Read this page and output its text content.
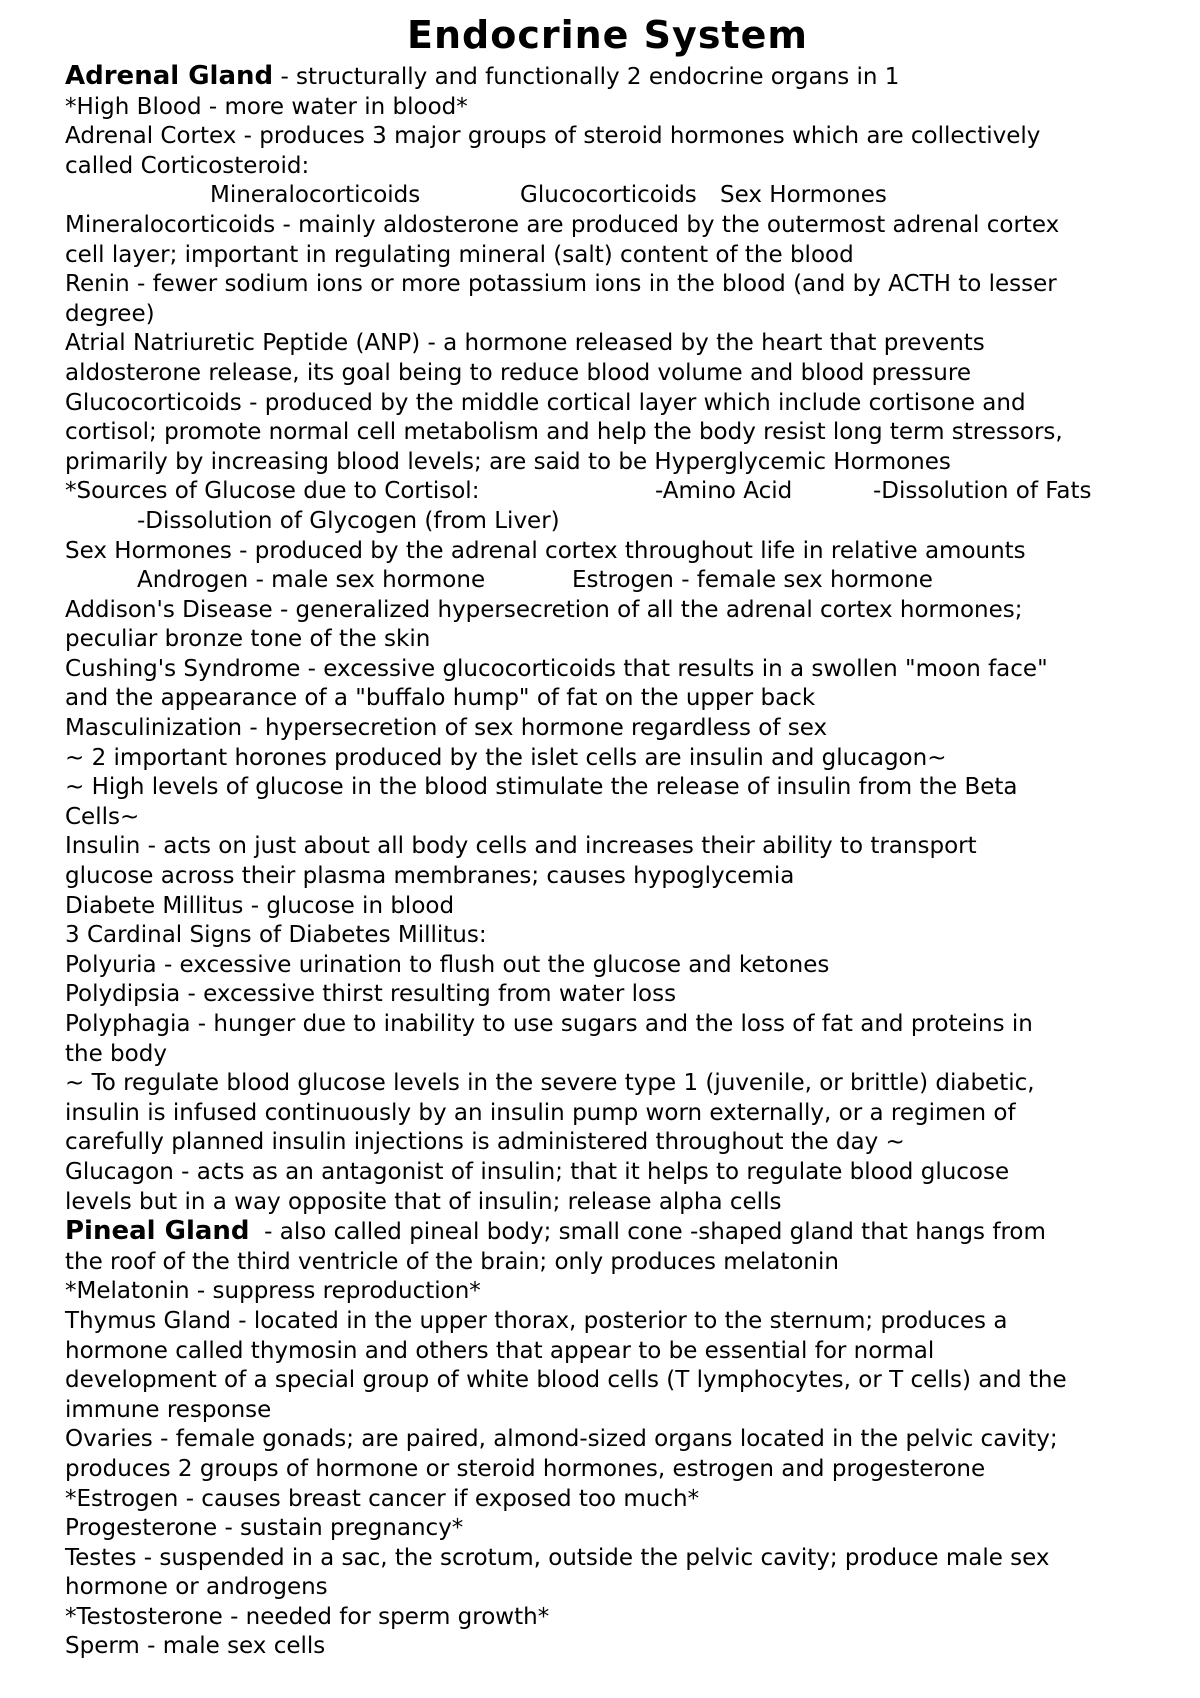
Endocrine System
Adrenal Gland - structurally and functionally 2 endocrine organs in 1
*High Blood - more water in blood*
Adrenal Cortex - produces 3 major groups of steroid hormones which are collectively
called Corticosteroid:
Mineralocorticoids	Glucocorticoids Sex Hormones
Mineralocorticoids - mainly aldosterone are produced by the outermost adrenal cortex
cell layer; important in regulating mineral (salt) content of the blood
Renin - fewer sodium ions or more potassium ions in the blood (and by ACTH to lesser
degree)
Atrial Natriuretic Peptide (ANP) - a hormone released by the heart that prevents
aldosterone release, its goal being to reduce blood volume and blood pressure
Glucocorticoids - produced by the middle cortical layer which include cortisone and
cortisol; promote normal cell metabolism and help the body resist long term stressors,
primarily by increasing blood levels; are said to be Hyperglycemic Hormones
*Sources of Glucose due to Cortisol:	-Amino Acid	-Dissolution of Fats
-Dissolution of Glycogen (from Liver)
Sex Hormones - produced by the adrenal cortex throughout life in relative amounts
Androgen - male sex hormone	Estrogen - female sex hormone
Addison's Disease - generalized hypersecretion of all the adrenal cortex hormones;
peculiar bronze tone of the skin
Cushing's Syndrome - excessive glucocorticoids that results in a swollen "moon face"
and the appearance of a "buffalo hump" of fat on the upper back
Masculinization - hypersecretion of sex hormone regardless of sex
~ 2 important horones produced by the islet cells are insulin and glucagon~
~ High levels of glucose in the blood stimulate the release of insulin from the Beta
Cells~
Insulin - acts on just about all body cells and increases their ability to transport
glucose across their plasma membranes; causes hypoglycemia
Diabete Millitus - glucose in blood
3 Cardinal Signs of Diabetes Millitus:
Polyuria - excessive urination to flush out the glucose and ketones
Polydipsia - excessive thirst resulting from water loss
Polyphagia - hunger due to inability to use sugars and the loss of fat and proteins in
the body
~ To regulate blood glucose levels in the severe type 1 (juvenile, or brittle) diabetic,
insulin is infused continuously by an insulin pump worn externally, or a regimen of
carefully planned insulin injections is administered throughout the day ~
Glucagon - acts as an antagonist of insulin; that it helps to regulate blood glucose
levels but in a way opposite that of insulin; release alpha cells
Pineal Gland  - also called pineal body; small cone -shaped gland that hangs from
the roof of the third ventricle of the brain; only produces melatonin
*Melatonin - suppress reproduction*
Thymus Gland - located in the upper thorax, posterior to the sternum; produces a
hormone called thymosin and others that appear to be essential for normal
development of a special group of white blood cells (T lymphocytes, or T cells) and the
immune response
Ovaries - female gonads; are paired, almond-sized organs located in the pelvic cavity;
produces 2 groups of hormone or steroid hormones, estrogen and progesterone
*Estrogen - causes breast cancer if exposed too much*
Progesterone - sustain pregnancy*
Testes - suspended in a sac, the scrotum, outside the pelvic cavity; produce male sex
hormone or androgens
*Testosterone - needed for sperm growth*
Sperm - male sex cells
